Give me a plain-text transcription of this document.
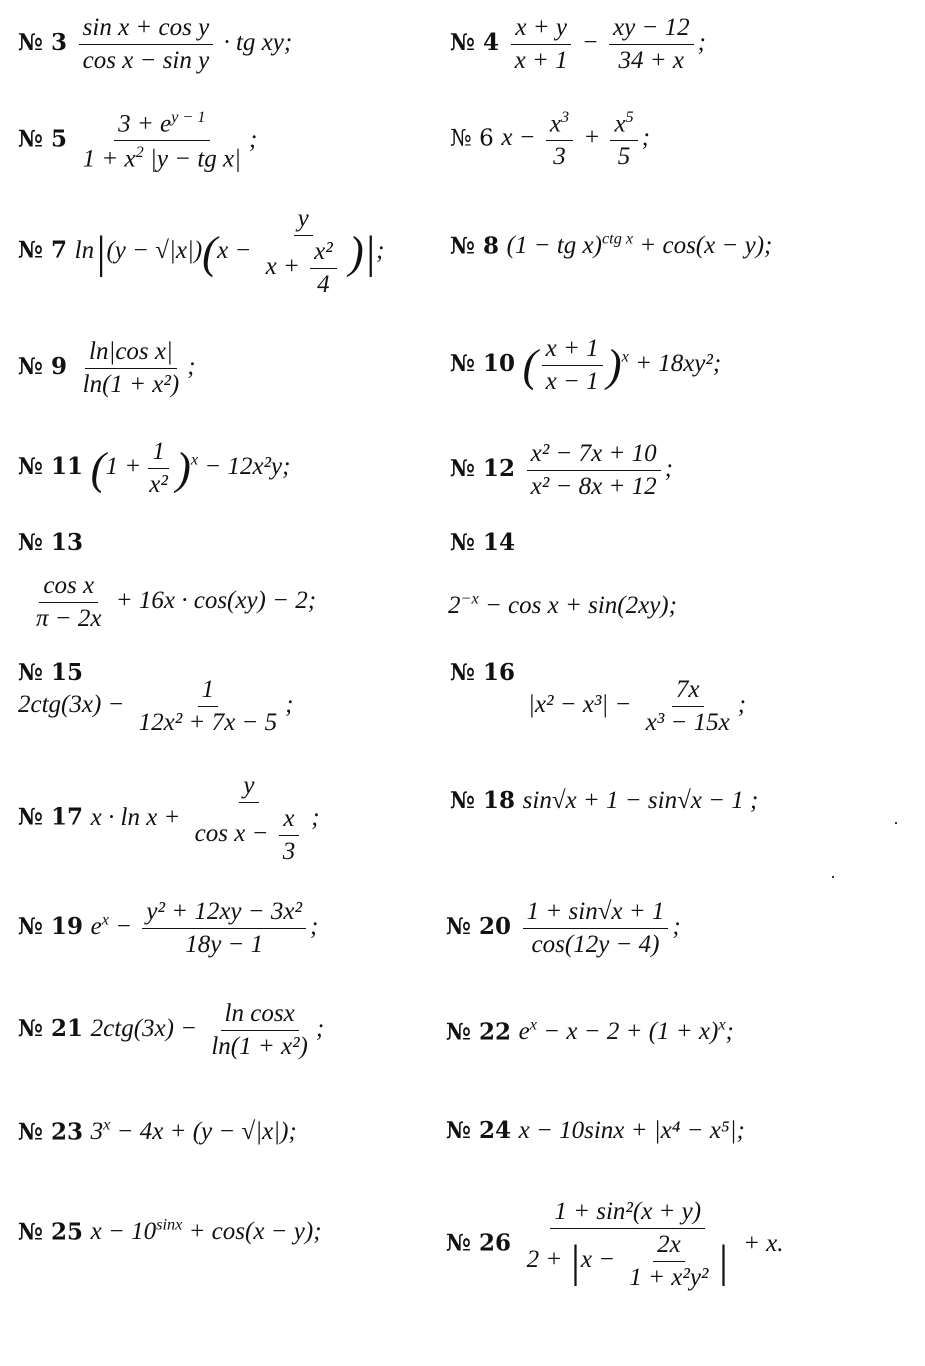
№ $3 \frac{\text{sin x + cos y}}{\text{cos x − sin y}}$ · tg xy;	№ $4 \frac{x + y}{x + 1} - \frac{xy - 12}{34 + x}$ ;
№ $5 \frac{3 + e^{y - 1}}{1 + x^2 |y - tg x|}$ ;	№ 6 $x - \frac{x^3}{3} + \frac{x^5}{5}$ ;
№ 7 $\ln|(y - √|x|)(x - \frac{y}{x + \frac{\text{x²}}{4}}$ )|;	№ 8 (1 − tg x)$^{ctg x}$ + cos(x − y);
№ $9 \frac{\text{ln|cos x|}}{\text{ln(1 + x²)}}$ ;	№ 10 ( $\frac{x + 1}{x - 1} )^x + 18xy^2$;
№ 11 $(1 + \frac{1}{\text{x²}} )^x - 12x^2y$;	№ $12 \frac{\text{x² − 7x + 10}}{\text{x² − 8x + 12}}$ ;
№ 13
$\frac{\text{cos x}}{\pi - 2x} + 16x \cdot \cos(xy) - 2$;
№ 14
$2^{-x} - \cos x + \sin(2xy)$;
№ 15
$2ctg(3x) - \frac{1}{\text{12x² + 7x − 5}}$ ;
№ 16
$|x^2 - x^3| - \frac{7x}{\text{x³ − 15x}}$ ;
№ 17 $x \cdot \ln x + \frac{y}{\cos x - \frac{x}{3}}$ ;
№ 18 sin√x + 1 − sin√x − 1 ;
№ 19 $e^x - \frac{\text{y² + 12xy − 3x²}}{18y - 1}$ ;	№ $20 \frac{1 + \sin√x + 1}{\cos(12y - 4)}$ ;
№ 21 $2ctg(3x) - \frac{\text{ln cosx}}{\text{ln(1 + x²)}}$ ;	№ 22 $e^x - x - 2 + (1 + x)^x$;
№ 23 $3^x - 4x + (y - √|x|)$;	№ 24 x − 10sinx + |x⁴ − x⁵|;
№ 25 $x - 10^{sinx} + \cos(x - y)$;	№ $26 \frac{\text{1 + sin²(x + y)}}{2 + |x - \frac{2x}{\text{1 + x²y²}} |} + x$.
